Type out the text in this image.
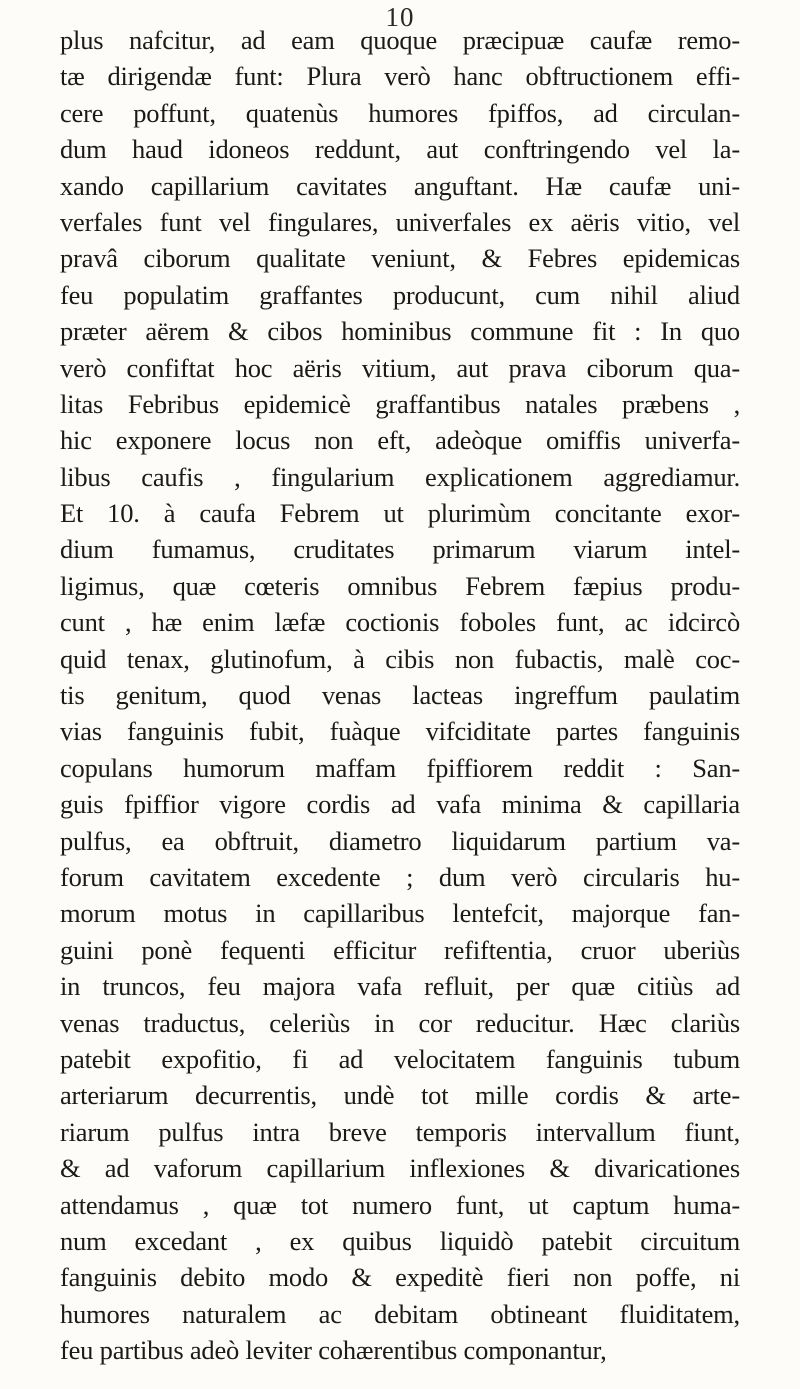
10
plus nafcitur, ad eam quoque præcipuæ caufæ remo-
tæ dirigendæ funt: Plura verò hanc obftructionem effi-
cere poffunt, quatenùs humores fpiffos, ad circulan-
dum haud idoneos reddunt, aut conftringendo vel la-
xando capillarium cavitates anguftant. Hæ caufæ uni-
verfales funt vel fingulares, univerfales ex aëris vitio, vel
pravâ ciborum qualitate veniunt, & Febres epidemicas
feu populatim graffantes producunt, cum nihil aliud
præter aërem & cibos hominibus commune fit : In quo
verò confiftat hoc aëris vitium, aut prava ciborum qua-
litas Febribus epidemicè graffantibus natales præbens ,
hic exponere locus non eft, adeòque omiffis univerfa-
libus caufis , fingularium explicationem aggrediamur.
Et 10. à caufa Febrem ut plurimùm concitante exor-
dium fumamus, cruditates primarum viarum intel-
ligimus, quæ cœteris omnibus Febrem fæpius produ-
cunt , hæ enim læfæ coctionis foboles funt, ac idcircò
quid tenax, glutinofum, à cibis non fubactis, malè coc-
tis genitum, quod venas lacteas ingreffum paulatim
vias fanguinis fubit, fuàque vifciditate partes fanguinis
copulans humorum maffam fpiffiorem reddit : San-
guis fpiffior vigore cordis ad vafa minima & capillaria
pulfus, ea obftruit, diametro liquidarum partium va-
forum cavitatem excedente ; dum verò circularis hu-
morum motus in capillaribus lentefcit, majorque fan-
guini ponè fequenti efficitur refiftentia, cruor uberiùs
in truncos, feu majora vafa refluit, per quæ citiùs ad
venas traductus, celeriùs in cor reducitur. Hæc clariùs
patebit expofitio, fi ad velocitatem fanguinis tubum
arteriarum decurrentis, undè tot mille cordis & arte-
riarum pulfus intra breve temporis intervallum fiunt,
& ad vaforum capillarium inflexiones & divaricationes
attendamus , quæ tot numero funt, ut captum huma-
num excedant , ex quibus liquidò patebit circuitum
fanguinis debito modo & expeditè fieri non poffe, ni
humores naturalem ac debitam obtineant fluiditatem,
feu partibus adeò leviter cohærentibus componantur,
